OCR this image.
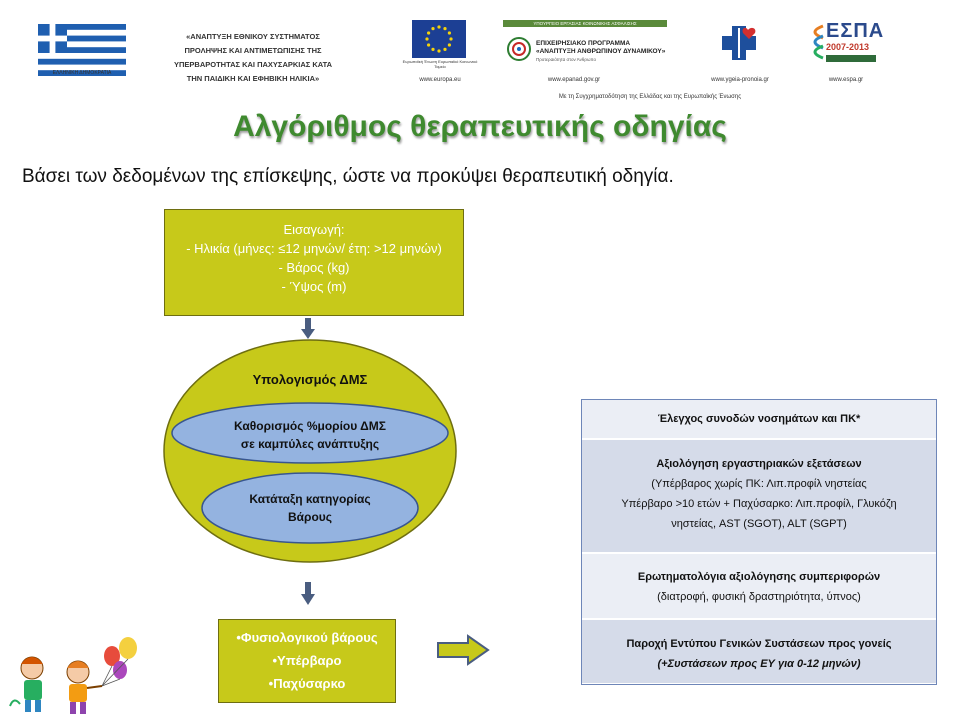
ΕΛΛΗΝΙΚΗ ΔΗΜΟΚΡΑΤΙΑ
«ΑΝΑΠΤΥΞΗ ΕΘΝΙΚΟΥ ΣΥΣΤΗΜΑΤΟΣ
ΠΡΟΛΗΨΗΣ ΚΑΙ ΑΝΤΙΜΕΤΩΠΙΣΗΣ ΤΗΣ
ΥΠΕΡΒΑΡΟΤΗΤΑΣ ΚΑΙ ΠΑΧΥΣΑΡΚΙΑΣ ΚΑΤΑ
ΤΗΝ ΠΑΙΔΙΚΗ ΚΑΙ ΕΦΗΒΙΚΗ ΗΛΙΚΙΑ»
Ευρωπαϊκή Ένωση Ευρωπαϊκό Κοινωνικό Ταμείο
www.europa.eu
ΥΠΟΥΡΓΕΙΟ ΕΡΓΑΣΙΑΣ ΚΟΙΝΩΝΙΚΗΣ ΑΣΦΑΛΙΣΗΣ
ΕΠΙΧΕΙΡΗΣΙΑΚΟ ΠΡΟΓΡΑΜΜΑ
«ΑΝΑΠΤΥΞΗ ΑΝΘΡΩΠΙΝΟΥ ΔΥΝΑΜΙΚΟΥ»
Προτεραιότητα στον Άνθρωπο
www.epanad.gov.gr	www.ygeia-pronoia.gr
ΕΣΠΑ
2007-2013
www.espa.gr
Με τη Συγχρηματοδότηση της Ελλάδας και της Ευρωπαϊκής Ένωσης
Αλγόριθμος θεραπευτικής οδηγίας
Βάσει των δεδομένων της επίσκεψης, ώστε να προκύψει θεραπευτική οδηγία.
Εισαγωγή:
- Ηλικία (μήνες: ≤12 μηνών/ έτη: >12 μηνών)
- Βάρος (kg)
- Ύψος (m)
Υπολογισμός ΔΜΣ
Καθορισμός %μορίου ΔΜΣ
σε καμπύλες ανάπτυξης
Κατάταξη κατηγορίας
Βάρους
•Φυσιολογικού βάρους
•Υπέρβαρο
•Παχύσαρκο
Έλεγχος συνοδών νοσημάτων και ΠΚ*
Αξιολόγηση εργαστηριακών εξετάσεων
(Υπέρβαρος χωρίς ΠΚ: Λιπ.προφίλ νηστείας
Υπέρβαρο >10 ετών + Παχύσαρκο: Λιπ.προφίλ, Γλυκόζη
νηστείας, AST (SGOT), ALT (SGPT)
Ερωτηματολόγια αξιολόγησης συμπεριφορών
(διατροφή, φυσική δραστηριότητα, ύπνος)
Παροχή Εντύπου Γενικών Συστάσεων προς γονείς
(+Συστάσεων προς ΕΥ για 0-12 μηνών)
